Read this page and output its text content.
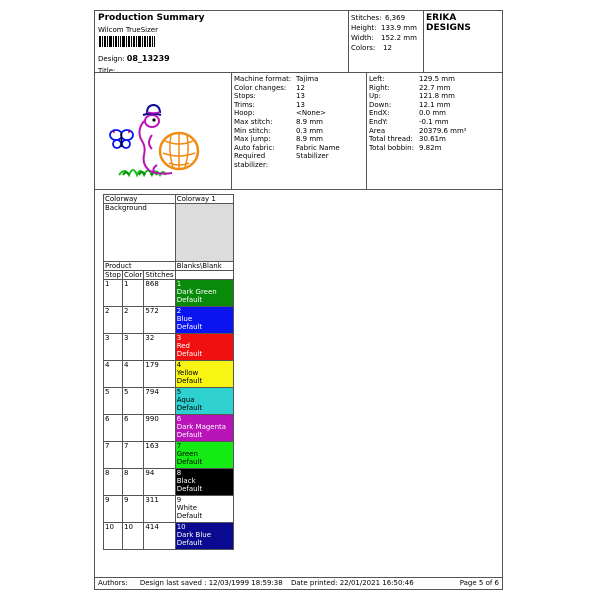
Production Summary
Wilcom TrueSizer
Design: 08_13239
Title:
Stitches: 6,369
Height: 133.9 mm
Width: 152.2 mm
Colors: 12
ERIKA
DESIGNS
Machine format: Tajima
Color changes: 12
Stops:	13
Trims:	13
Hoop:	<None>
Max stitch:	8.9 mm
Min stitch:	0.3 mm
Max jump:	8.9 mm
Auto fabric:	Fabric Name
Required	Stabilizer
stabilizer:
Left:	129.5 mm
Right:	22.7 mm
Up:	121.8 mm
Down:	12.1 mm
EndX:	0.0 mm
EndY:	-0.1 mm
Area	20379.6 mm²
Total thread: 30.61m
Total bobbin: 9.82m
Colorway			Colorway 1
Background			
Product			Blanks\Blank
Stop	Color	Stitches	
1	1	868	1
Dark Green
Default

2	2	572	2
Blue
Default

3	3	32	3
Red
Default

4	4	179	4
Yellow
Default

5	5	794	5
Aqua
Default

6	6	990	6
Dark Magenta
Default

7	7	163	7
Green
Default

8	8	94	8
Black
Default

9	9	311	9
White
Default

10	10	414	10
Dark Blue
Default
Authors: Design last saved : 12/03/1999 18:59:38 Date printed: 22/01/2021 16:50:46	Page 5 of 6
